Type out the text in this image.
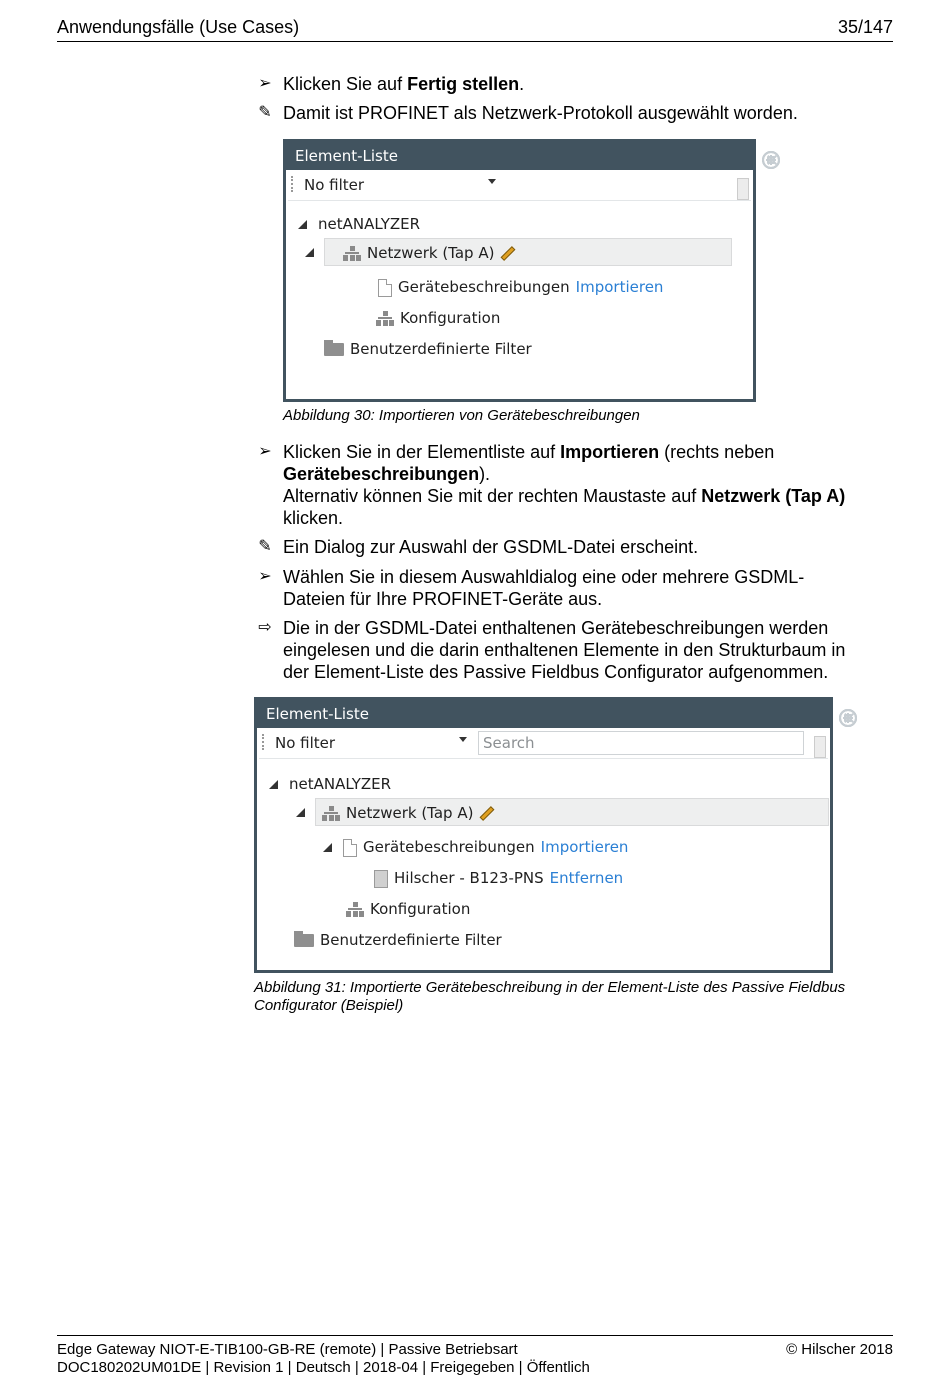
Anwendungsfälle (Use Cases)	35/147
➢ Klicken Sie auf Fertig stellen.
✎ Damit ist PROFINET als Netzwerk-Protokoll ausgewählt worden.
Element-Liste
No filter
netANALYZER
Netzwerk (Tap A)
Gerätebeschreibungen Importieren
Konfiguration
Benutzerdefinierte Filter
Abbildung 30: Importieren von Gerätebeschreibungen
➢ Klicken Sie in der Elementliste auf Importieren (rechts neben
Gerätebeschreibungen).
Alternativ können Sie mit der rechten Maustaste auf Netzwerk (Tap A)
klicken.
✎ Ein Dialog zur Auswahl der GSDML-Datei erscheint.
➢ Wählen Sie in diesem Auswahldialog eine oder mehrere GSDML-
Dateien für Ihre PROFINET-Geräte aus.
⇨ Die in der GSDML-Datei enthaltenen Gerätebeschreibungen werden
eingelesen und die darin enthaltenen Elemente in den Strukturbaum in
der Element-Liste des Passive Fieldbus Configurator aufgenommen.
Element-Liste
No filter	Search
netANALYZER
Netzwerk (Tap A)
Gerätebeschreibungen Importieren
Hilscher - B123-PNS Entfernen
Konfiguration
Benutzerdefinierte Filter
Abbildung 31: Importierte Gerätebeschreibung in der Element-Liste des Passive Fieldbus
Configurator (Beispiel)
Edge Gateway NIOT-E-TIB100-GB-RE (remote) | Passive Betriebsart
DOC180202UM01DE | Revision 1 | Deutsch | 2018-04 | Freigegeben | Öffentlich
© Hilscher 2018
